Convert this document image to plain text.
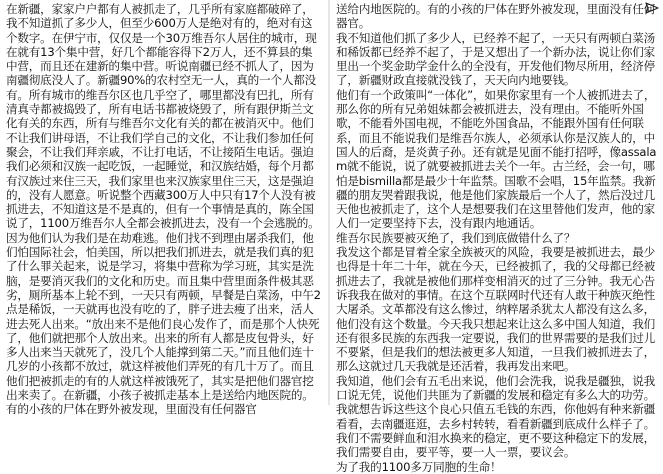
在新疆，家家户户都有人被抓走了，几乎所有家庭都破碎了，我不知道抓了多少人，但至少600万人是绝对有的，绝对有这个数字。在伊宁市，仅仅是一个30万维吾尔人居住的城市，现在就有13个集中营，好几个都能容得下2万人，还不算县的集中营，而且还在建新的集中营。听说南疆已经不抓人了，因为南疆彻底没人了。新疆90%的农村空无一人，真的一个人都没有。所有城市的维吾尔区也几乎空了，哪里都没有巴扎，所有清真寺都被捣毁了，所有电话书都被烧毁了，所有跟伊斯兰文化有关的东西，所有与维吾尔文化有关的都在被消灭中。他们不让我们讲母语，不让我们学自己的文化，不让我们参加任何聚会，不让我们拜亲戚，不让打电话，不让接陌生电话。强迫我们必须和汉族一起吃饭，一起睡觉，和汉族结婚，每个月都有汉族过来住三天，我们家里也来汉族家里住三天，这是强迫的，没有人愿意。听说整个西藏300万人中只有17个人没有被抓进去，不知道这是不是真的，但有一个事情是真的，陈全国说了，1100万维吾尔人全都会被抓进去，没有一个会逃脱的。因为他们认为我们是在劫难逃。他们找不到理由屠杀我们，他们怕国际社会，怕美国，所以把我们抓进去，就是我们真的犯了什么罪关起来，说是学习，将集中营称为学习班，其实是洗脑，是要消灭我们的文化和历史。而且集中营里面条件极其恶劣，厕所基本上轮不到，一天只有两顿，早餐是白菜汤，中午2点是稀饭，一天就再也没有吃的了，胖子进去瘦了出来，活人进去死人出来。“放出来不是他们良心发作了，而是那个人快死了，他们就把那个人放出来。出来的所有人都是皮包骨头，好多人出来当天就死了，没几个人能撑到第二天。”而且他们连十几岁的小孩都不放过，就这样被他们弄死的有几十万了。而且他们把被抓走的有的人就这样被饿死了，其实是把他们器官挖出来卖了。在新疆，小孩子被抓走基本上是送给内地医院的。有的小孩的尸体在野外被发现，里面没有任何器官
送给内地医院的。有的小孩的尸体在野外被发现，里面没有任何器官。
我不知道他们抓了多少人，已经养不起了，一天只有两顿白菜汤和稀饭都已经养不起了，于是又想出了一个新办法，说让你们家里出一个奖金助学金什么的全没有，开发他们物尽所用，经济停了，新疆财政直接就没钱了，天天向内地要钱。
他们有一个政策叫“一体化”，如果你家里有一个人被抓进去了，那么你的所有兄弟姐妹都会被抓进去，没有理由。不能听外国歌，不能看外国电视，不能吃外国食品，不能跟外国有任何联系，而且不能说我们是维吾尔族人，必须承认你是汉族人的，中国人的后裔，是炎黄子孙。还有就是见面不能打招呼，像assalam就不能说，说了就要被抓进去关个一年。古兰经，会一句，哪怕是bismilla都是最少十年监禁。国歌不会唱，15年监禁。我新疆的朋友哭着跟我说，他是他们家族最后一个人了，然后没过几天他也被抓走了，这个人是想要我们在这里替他们发声，他的家人们一定要坚持下去，没有跟内地通话。
维吾尔民族要被灭绝了，我们到底做错什么了？
我发这个都是冒着全家全族被灭的风险，我要是被抓进去，最少也得是十年二十年，就在今天，已经被抓了，我的父母都已经被抓进去了，我就是被他们那样变相消灭的过了三分钟。我无心告诉我我在做对的事情。在这个互联网时代还有人敢干种族灭绝性大屠杀。文革都没有这么惨过，纳粹屠杀犹太人都没有这么多，他们没有这个数量。今天我只想起来让这么多中国人知道，我们还有很多民族的东西我一定要说，我们的世界需要的是我们过儿不要紧，但是我们的想法被更多人知道，一旦我们被抓进去了，那么这就过几天我就是还活着，我再发出来吧。
我知道，他们会有五毛出来说，他们会洗我，说我是疆独，说我口说无凭，说他们共匪为了新疆的发展和稳定有多么大的功劳。我就想告诉这些这个良心只值五毛钱的东西，你他妈有种来新疆看看，去南疆逛逛，去乡村转转，看看新疆到底成什么样子了。我们不需要鲜血和泪水换来的稳定，更不要这种稳定下的发展，我们需要自由，要平等，要一人一票，要议会。
为了我的1100多万同胞的生命！
